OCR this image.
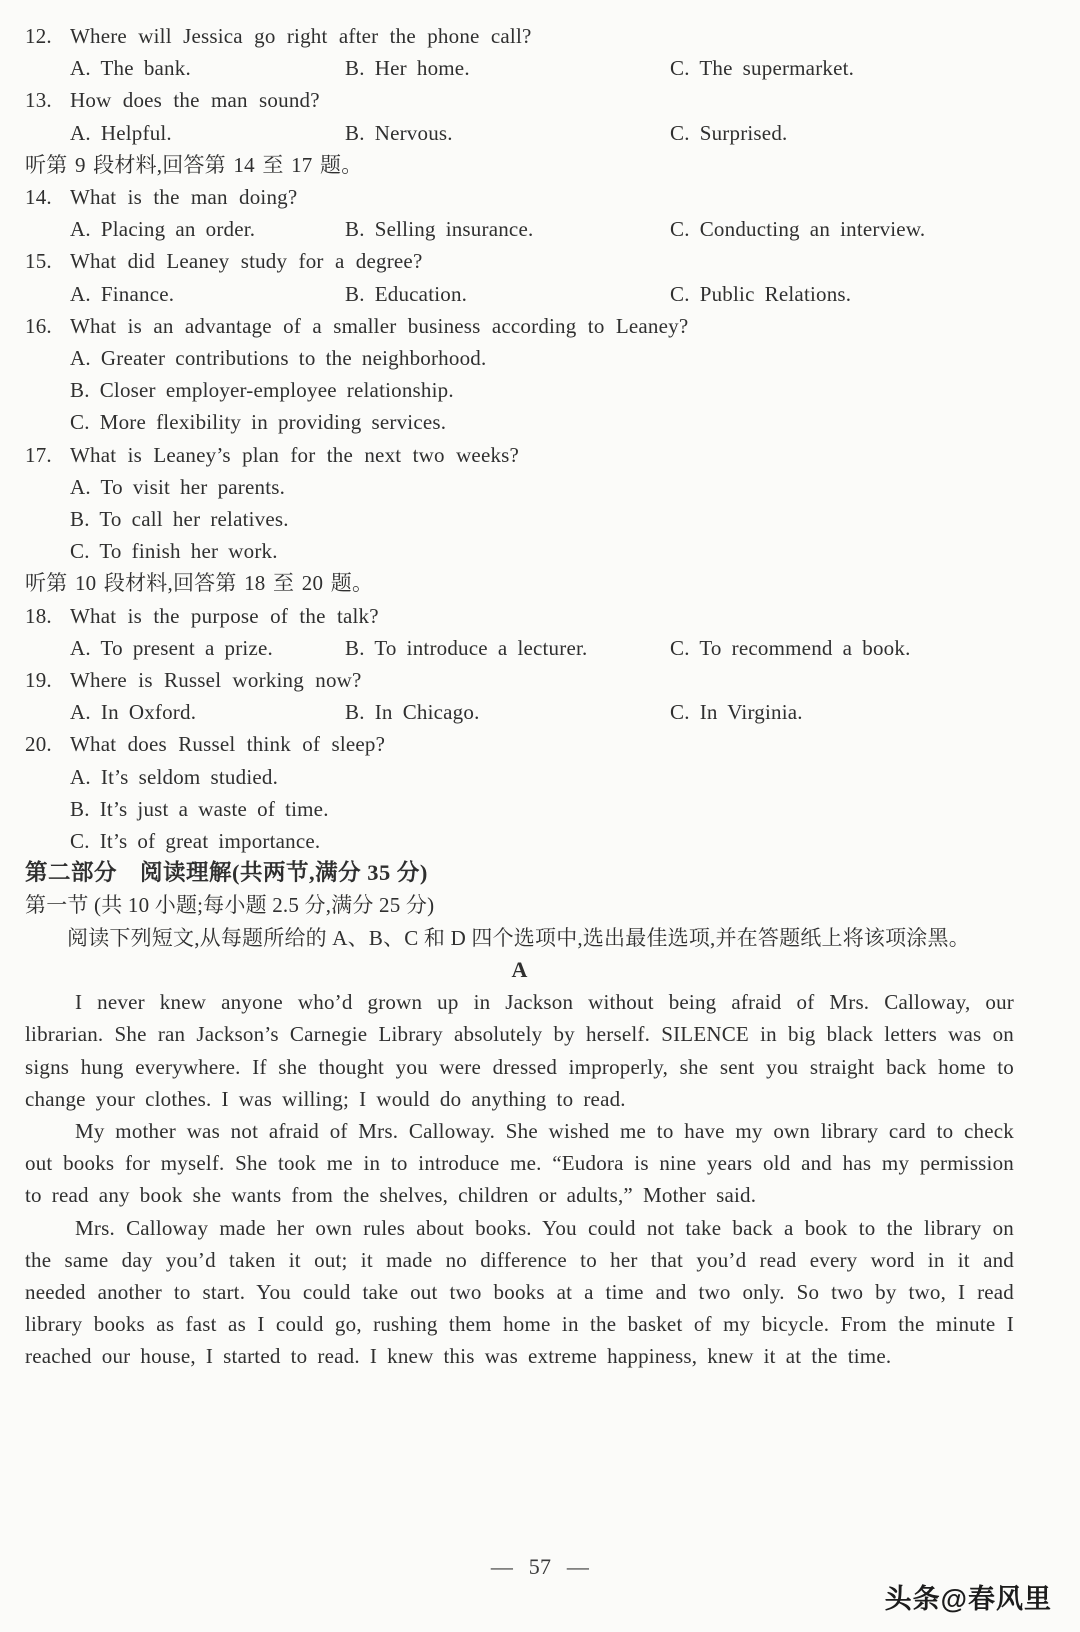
12. Where will Jessica go right after the phone call?
A. The bank.	B. Her home.	C. The supermarket.
13. How does the man sound?
A. Helpful.	B. Nervous.	C. Surprised.
听第 9 段材料,回答第 14 至 17 题。
14. What is the man doing?
A. Placing an order.	B. Selling insurance.	C. Conducting an interview.
15. What did Leaney study for a degree?
A. Finance.	B. Education.	C. Public Relations.
16. What is an advantage of a smaller business according to Leaney?
A. Greater contributions to the neighborhood.
B. Closer employer-employee relationship.
C. More flexibility in providing services.
17. What is Leaney’s plan for the next two weeks?
A. To visit her parents.
B. To call her relatives.
C. To finish her work.
听第 10 段材料,回答第 18 至 20 题。
18. What is the purpose of the talk?
A. To present a prize.	B. To introduce a lecturer.	C. To recommend a book.
19. Where is Russel working now?
A. In Oxford.	B. In Chicago.	C. In Virginia.
20. What does Russel think of sleep?
A. It’s seldom studied.
B. It’s just a waste of time.
C. It’s of great importance.
第二部分　阅读理解(共两节,满分 35 分)
第一节 (共 10 小题;每小题 2.5 分,满分 25 分)

阅读下列短文,从每题所给的 A、B、C 和 D 四个选项中,选出最佳选项,并在答题纸上将该项涂黑。

A

I never knew anyone who’d grown up in Jackson without being afraid of Mrs. Calloway, our librarian. She ran Jackson’s Carnegie Library absolutely by herself. SILENCE in big black letters was on signs hung everywhere. If she thought you were dressed improperly, she sent you straight back home to change your clothes. I was willing; I would do anything to read.

My mother was not afraid of Mrs. Calloway. She wished me to have my own library card to check out books for myself. She took me in to introduce me. “Eudora is nine years old and has my permission to read any book she wants from the shelves, children or adults,” Mother said.

Mrs. Calloway made her own rules about books. You could not take back a book to the library on the same day you’d taken it out; it made no difference to her that you’d read every word in it and needed another to start. You could take out two books at a time and two only. So two by two, I read library books as fast as I could go, rushing them home in the basket of my bicycle. From the minute I reached our house, I started to read. I knew this was extreme happiness, knew it at the time.

— 57 —
头条@春风里
